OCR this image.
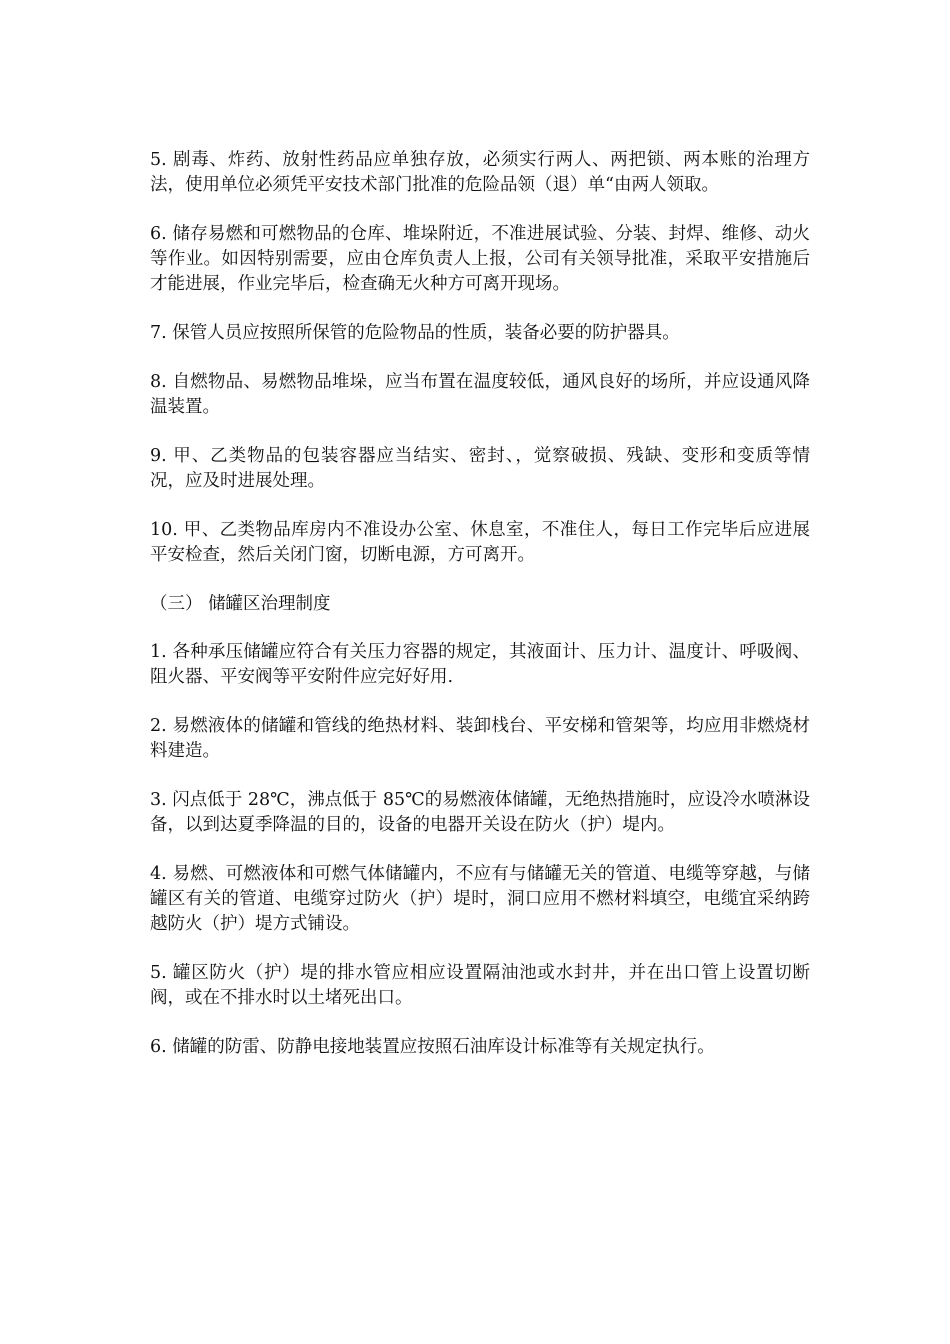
5. 剧毒、炸药、放射性药品应单独存放，必须实行两人、两把锁、两本账的治理方法，使用单位必须凭平安技术部门批准的危险品领（退）单“由两人领取。

6. 储存易燃和可燃物品的仓库、堆垛附近，不准进展试验、分装、封焊、维修、动火等作业。如因特别需要，应由仓库负责人上报，公司有关领导批准，采取平安措施后才能进展，作业完毕后，检查确无火种方可离开现场。

7. 保管人员应按照所保管的危险物品的性质，装备必要的防护器具。

8. 自燃物品、易燃物品堆垛，应当布置在温度较低，通风良好的场所，并应设通风降温装置。

9. 甲、乙类物品的包装容器应当结实、密封、，觉察破损、残缺、变形和变质等情况，应及时进展处理。

10. 甲、乙类物品库房内不准设办公室、休息室，不准住人，每日工作完毕后应进展平安检查，然后关闭门窗，切断电源，方可离开。

（三） 储罐区治理制度

1. 各种承压储罐应符合有关压力容器的规定，其液面计、压力计、温度计、呼吸阀、阻火器、平安阀等平安附件应完好好用.

2. 易燃液体的储罐和管线的绝热材料、装卸栈台、平安梯和管架等，均应用非燃烧材料建造。

3. 闪点低于 28℃，沸点低于 85℃的易燃液体储罐，无绝热措施时，应设冷水喷淋设备，以到达夏季降温的目的，设备的电器开关设在防火（护）堤内。

4. 易燃、可燃液体和可燃气体储罐内，不应有与储罐无关的管道、电缆等穿越，与储罐区有关的管道、电缆穿过防火（护）堤时，洞口应用不燃材料填空，电缆宜采纳跨越防火（护）堤方式铺设。

5. 罐区防火（护）堤的排水管应相应设置隔油池或水封井，并在出口管上设置切断阀，或在不排水时以土堵死出口。

6. 储罐的防雷、防静电接地装置应按照石油库设计标准等有关规定执行。
